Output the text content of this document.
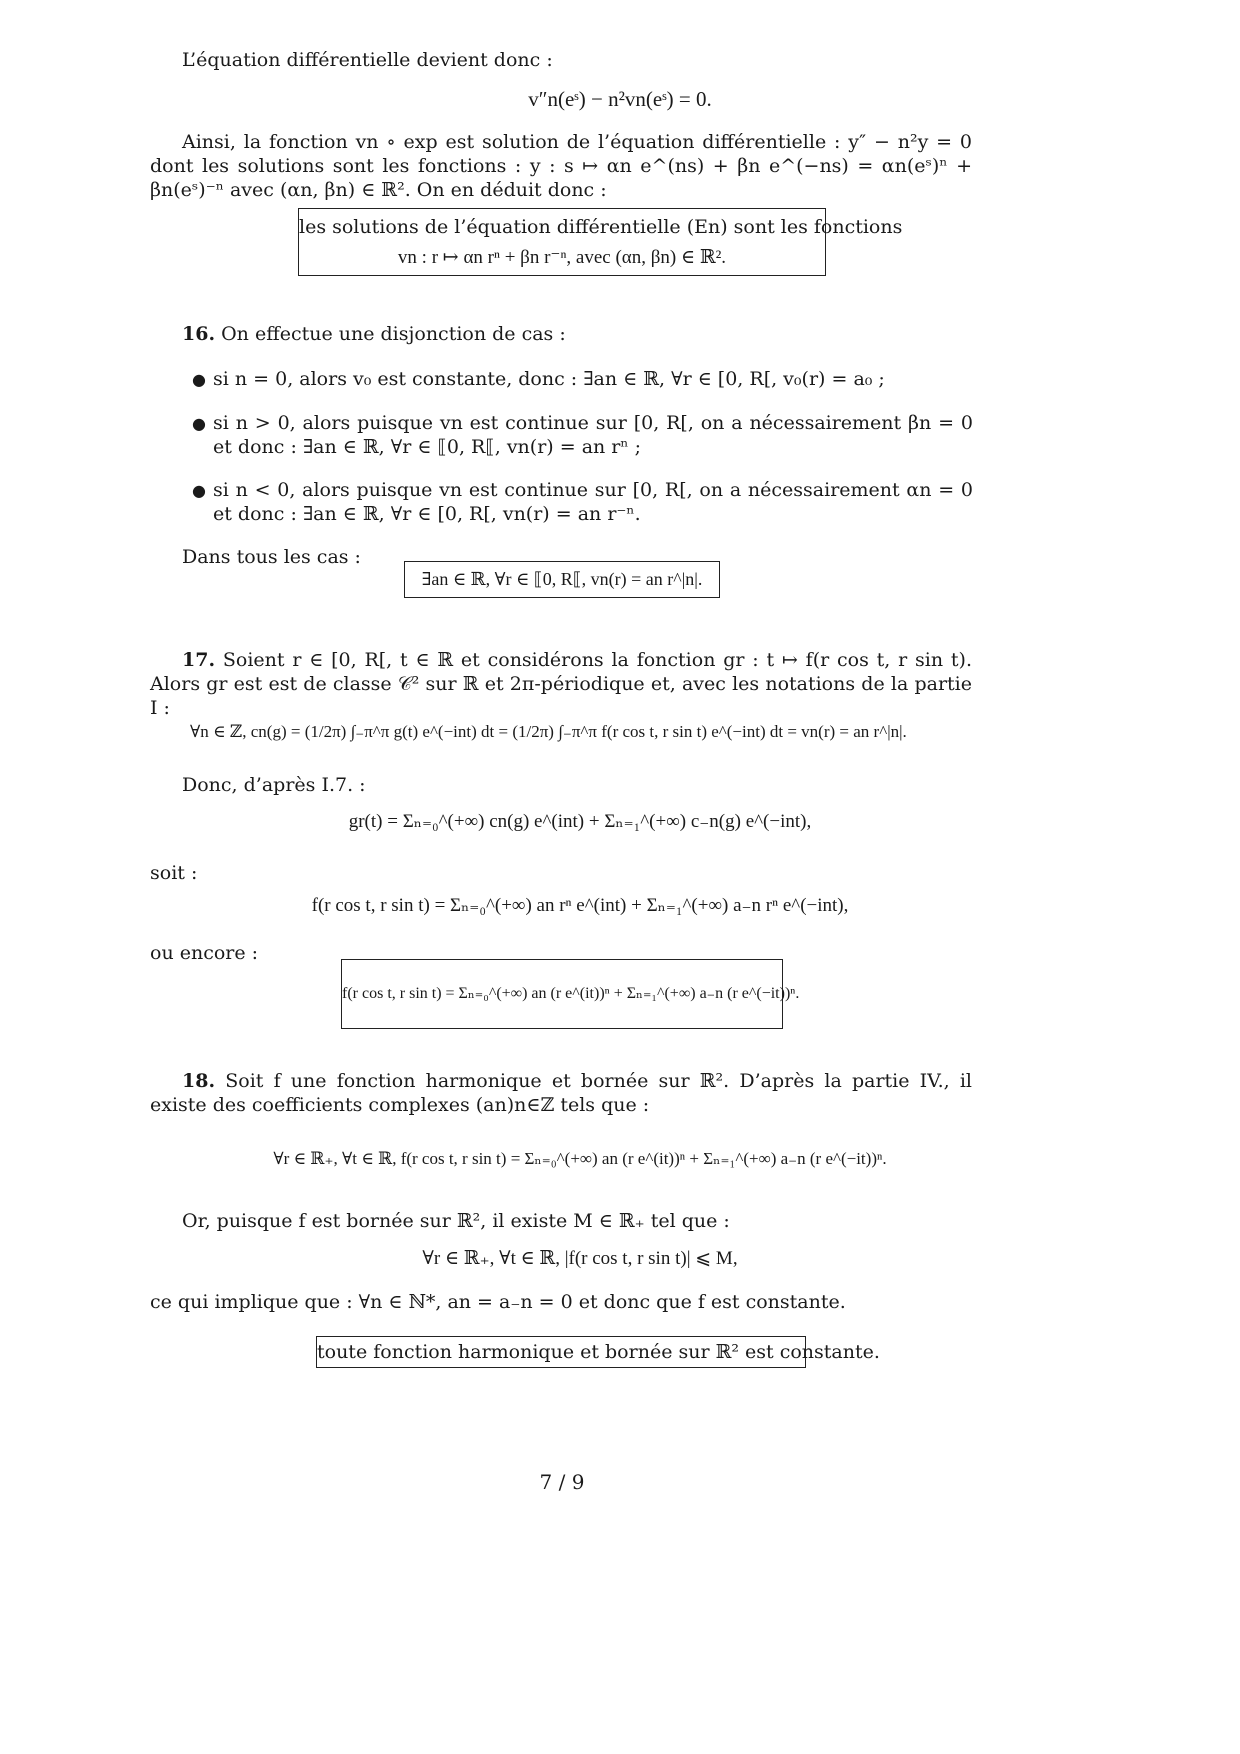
L’équation différentielle devient donc :
v″n(eˢ) − n²vn(eˢ) = 0.
Ainsi, la fonction vn ∘ exp est solution de l’équation différentielle : y″ − n²y = 0 dont les solutions sont les fonctions : y : s ↦ αn e^(ns) + βn e^(−ns) = αn(eˢ)ⁿ + βn(eˢ)⁻ⁿ avec (αn, βn) ∈ ℝ². On en déduit donc :
les solutions de l’équation différentielle (En) sont les fonctions
vn : r ↦ αn rⁿ + βn r⁻ⁿ, avec (αn, βn) ∈ ℝ².
16. On effectue une disjonction de cas :
● si n = 0, alors v₀ est constante, donc : ∃an ∈ ℝ, ∀r ∈ [0, R[, v₀(r) = a₀ ;
● si n > 0, alors puisque vn est continue sur [0, R[, on a nécessairement βn = 0 et donc : ∃an ∈ ℝ, ∀r ∈ ⟦0, R⟦, vn(r) = an rⁿ ;
● si n < 0, alors puisque vn est continue sur [0, R[, on a nécessairement αn = 0 et donc : ∃an ∈ ℝ, ∀r ∈ [0, R[, vn(r) = an r⁻ⁿ.
Dans tous les cas :
∃an ∈ ℝ, ∀r ∈ ⟦0, R⟦, vn(r) = an r^|n|.
17. Soient r ∈ [0, R[, t ∈ ℝ et considérons la fonction gr : t ↦ f(r cos t, r sin t). Alors gr est est de classe 𝒞² sur ℝ et 2π-périodique et, avec les notations de la partie I :
∀n ∈ ℤ, cn(g) = (1/2π) ∫₋π^π g(t) e^(−int) dt = (1/2π) ∫₋π^π f(r cos t, r sin t) e^(−int) dt = vn(r) = an r^|n|.
Donc, d’après I.7. :
gr(t) = Σₙ₌₀^(+∞) cn(g) e^(int) + Σₙ₌₁^(+∞) c₋n(g) e^(−int),
soit :
f(r cos t, r sin t) = Σₙ₌₀^(+∞) an rⁿ e^(int) + Σₙ₌₁^(+∞) a₋n rⁿ e^(−int),
ou encore :
f(r cos t, r sin t) = Σₙ₌₀^(+∞) an (r e^(it))ⁿ + Σₙ₌₁^(+∞) a₋n (r e^(−it))ⁿ.
18. Soit f une fonction harmonique et bornée sur ℝ². D’après la partie IV., il existe des coefficients complexes (an)n∈ℤ tels que :
∀r ∈ ℝ₊, ∀t ∈ ℝ, f(r cos t, r sin t) = Σₙ₌₀^(+∞) an (r e^(it))ⁿ + Σₙ₌₁^(+∞) a₋n (r e^(−it))ⁿ.
Or, puisque f est bornée sur ℝ², il existe M ∈ ℝ₊ tel que :
∀r ∈ ℝ₊, ∀t ∈ ℝ, |f(r cos t, r sin t)| ⩽ M,
ce qui implique que : ∀n ∈ ℕ*, an = a₋n = 0 et donc que f est constante.
toute fonction harmonique et bornée sur ℝ² est constante.
7 / 9
